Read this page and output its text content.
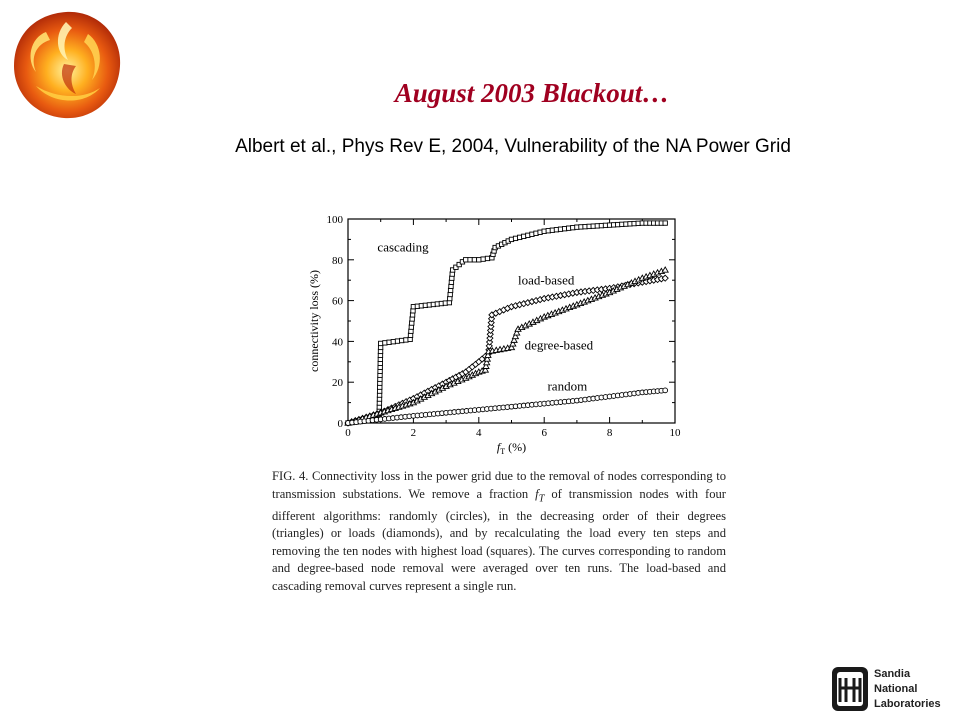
August 2003 Blackout…
Albert et al., Phys Rev E, 2004, Vulnerability of the NA Power Grid
0	2	4	6	8	10
0
20
40
60
80
100
$f_T$ (%)
connectivity loss (%)
cascading
load-based
degree-based
random
FIG. 4. Connectivity loss in the power grid due to the removal of nodes corresponding to transmission substations. We remove a fraction $f_T$ of transmission nodes with four different algorithms: randomly (circles), in the decreasing order of their degrees (triangles) or loads (diamonds), and by recalculating the load every ten steps and removing the ten nodes with highest load (squares). The curves corresponding to random and degree-based node removal were averaged over ten runs. The load-based and cascading removal curves represent a single run.
Sandia
National
Laboratories
